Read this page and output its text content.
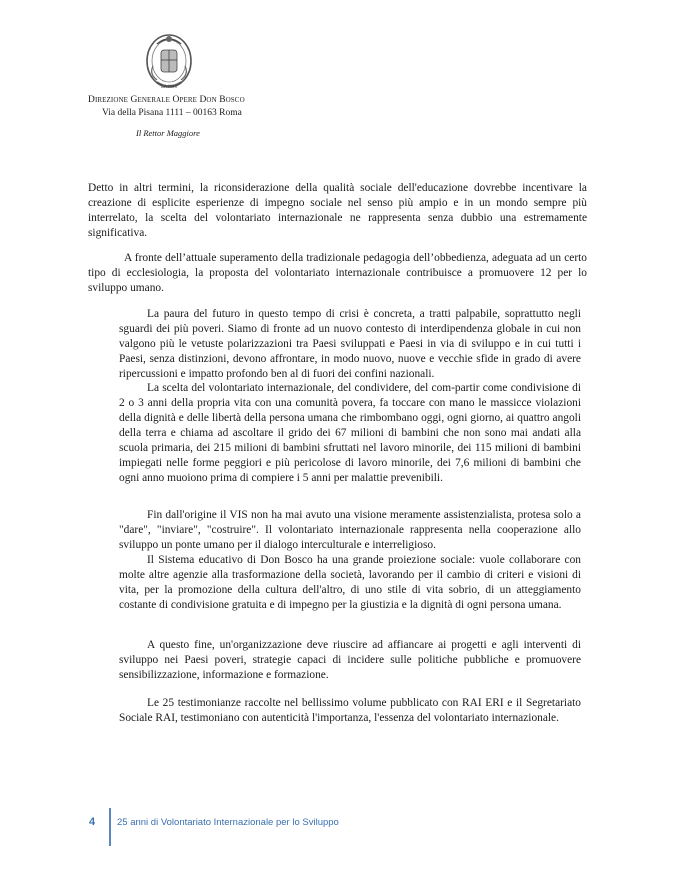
DA MIHI
Direzione Generale Opere Don Bosco
Via della Pisana 1111 – 00163 Roma
Il Rettor Maggiore

Detto in altri termini, la riconsiderazione della qualità sociale dell'educazione dovrebbe incentivare la creazione di esplicite esperienze di impegno sociale nel senso più ampio e in un mondo sempre più interrelato, la scelta del volontariato internazionale ne rappresenta senza dubbio una estremamente significativa.

A fronte dell’attuale superamento della tradizionale pedagogia dell’obbedienza, adeguata ad un certo tipo di ecclesiologia, la proposta del volontariato internazionale contribuisce a promuovere 12 per lo sviluppo umano.

La paura del futuro in questo tempo di crisi è concreta, a tratti palpabile, soprattutto negli sguardi dei più poveri. Siamo di fronte ad un nuovo contesto di interdipendenza globale in cui non valgono più le vetuste polarizzazioni tra Paesi sviluppati e Paesi in via di sviluppo e in cui tutti i Paesi, senza distinzioni, devono affrontare, in modo nuovo, nuove e vecchie sfide in grado di avere ripercussioni e impatto profondo ben al di fuori dei confini nazionali.

La scelta del volontariato internazionale, del condividere, del com-partir come condivisione di 2 o 3 anni della propria vita con una comunità povera, fa toccare con mano le massicce violazioni della dignità e delle libertà della persona umana che rimbombano oggi, ogni giorno, ai quattro angoli della terra e chiama ad ascoltare il grido dei 67 milioni di bambini che non sono mai andati alla scuola primaria, dei 215 milioni di bambini sfruttati nel lavoro minorile, dei 115 milioni di bambini impiegati nelle forme peggiori e più pericolose di lavoro minorile, dei 7,6 milioni di bambini che ogni anno muoiono prima di compiere i 5 anni per malattie prevenibili.

Fin dall'origine il VIS non ha mai avuto una visione meramente assistenzialista, protesa solo a "dare", "inviare", "costruire". Il volontariato internazionale rappresenta nella cooperazione allo sviluppo un ponte umano per il dialogo interculturale e interreligioso.

Il Sistema educativo di Don Bosco ha una grande proiezione sociale: vuole collaborare con molte altre agenzie alla trasformazione della società, lavorando per il cambio di criteri e visioni di vita, per la promozione della cultura dell'altro, di uno stile di vita sobrio, di un atteggiamento costante di condivisione gratuita e di impegno per la giustizia e la dignità di ogni persona umana.

A questo fine, un'organizzazione deve riuscire ad affiancare ai progetti e agli interventi di sviluppo nei Paesi poveri, strategie capaci di incidere sulle politiche pubbliche e promuovere sensibilizzazione, informazione e formazione.

Le 25 testimonianze raccolte nel bellissimo volume pubblicato con RAI ERI e il Segretariato Sociale RAI, testimoniano con autenticità l'importanza, l'essenza del volontariato internazionale.

4 25 anni di Volontariato Internazionale per lo Sviluppo
